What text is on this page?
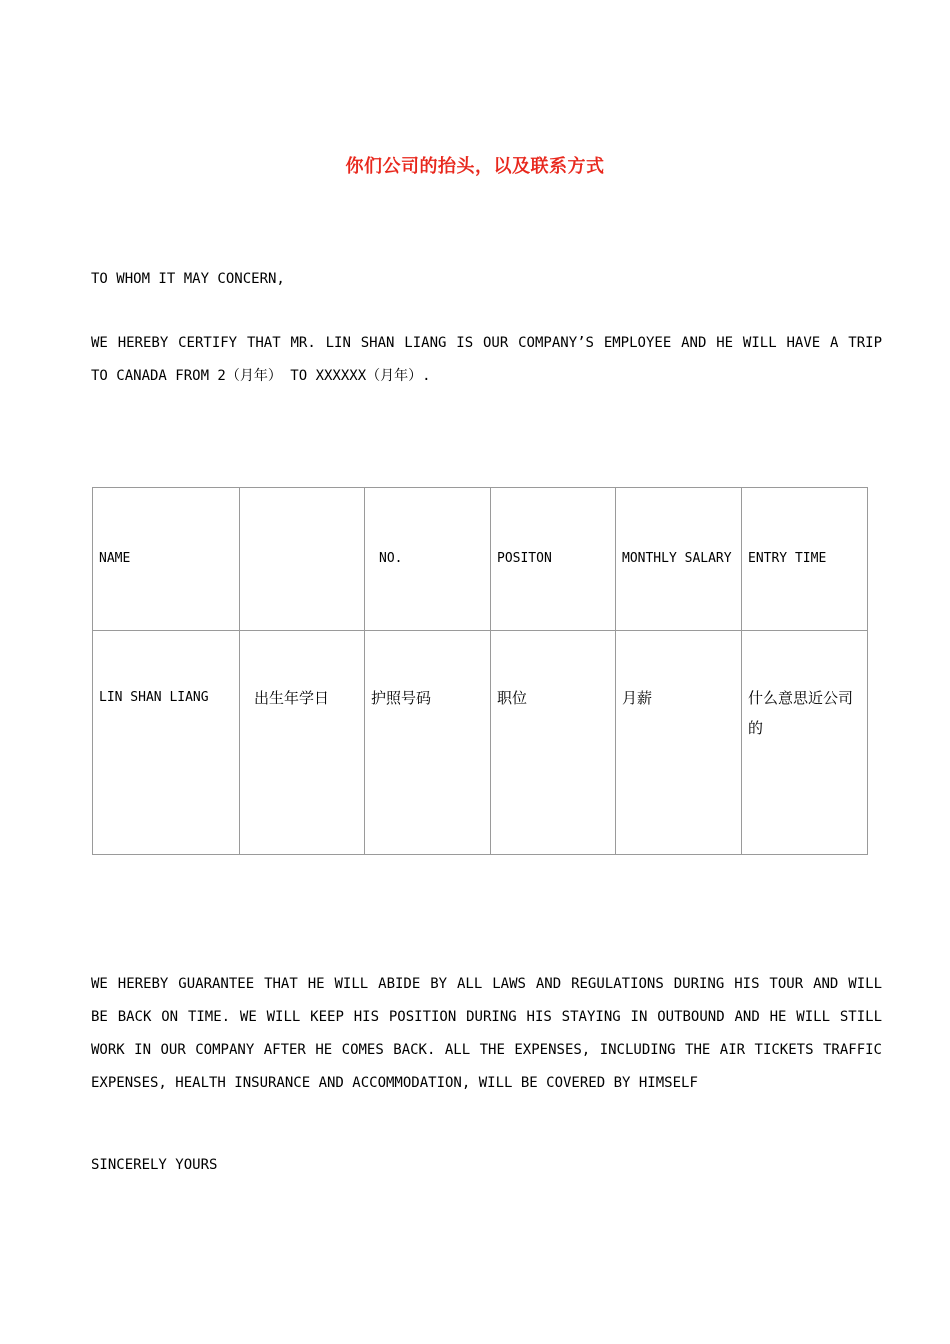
你们公司的抬头，以及联系方式
TO WHOM IT MAY CONCERN,
WE HEREBY CERTIFY THAT MR. LIN SHAN LIANG IS OUR COMPANY’S EMPLOYEE AND HE WILL HAVE A TRIP TO CANADA FROM 2（月年） TO XXXXXX（月年）.
NAME		NO.	POSITON	MONTHLY SALARY	ENTRY TIME
LIN SHAN LIANG	出生年学日	护照号码	职位	月薪	什么意思近公司的
WE HEREBY GUARANTEE THAT HE WILL ABIDE BY ALL LAWS AND REGULATIONS DURING HIS TOUR AND WILL BE BACK ON TIME. WE WILL KEEP HIS POSITION DURING HIS STAYING IN OUTBOUND AND HE WILL STILL WORK IN OUR COMPANY AFTER HE COMES BACK. ALL THE EXPENSES, INCLUDING THE AIR TICKETS TRAFFIC EXPENSES, HEALTH INSURANCE AND ACCOMMODATION, WILL BE COVERED BY HIMSELF
SINCERELY YOURS
